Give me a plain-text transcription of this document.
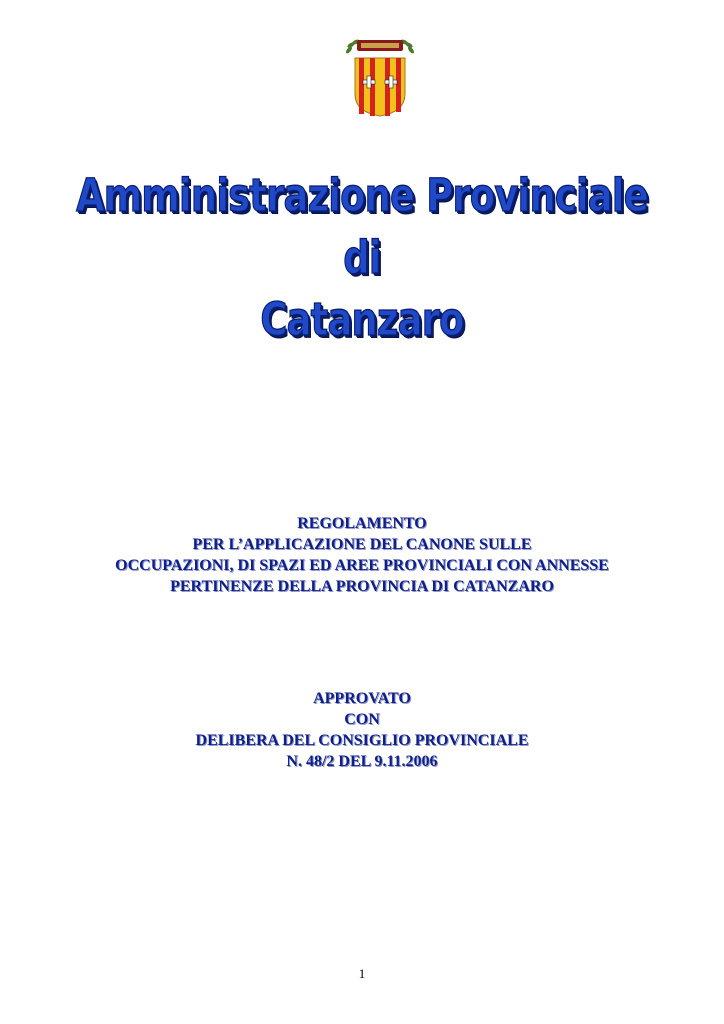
Amministrazione Provinciale
di
Catanzaro
REGOLAMENTO
PER L’APPLICAZIONE DEL CANONE SULLE
OCCUPAZIONI, DI SPAZI ED AREE PROVINCIALI CON ANNESSE
PERTINENZE DELLA PROVINCIA DI CATANZARO
APPROVATO
CON
DELIBERA DEL CONSIGLIO PROVINCIALE
N. 48/2 DEL 9.11.2006
1
